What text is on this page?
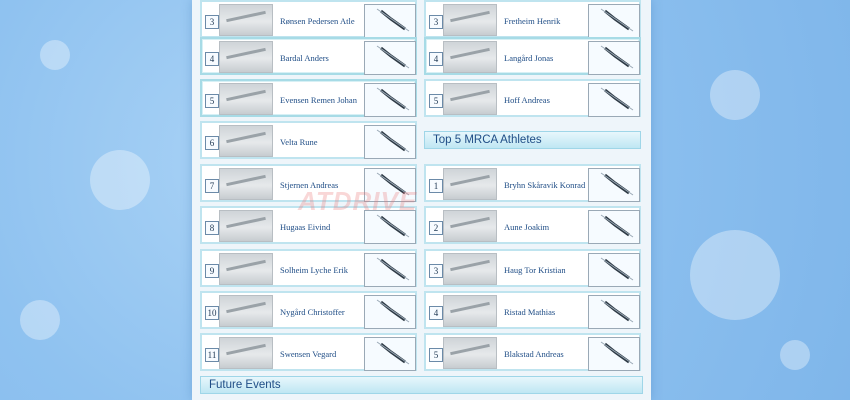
3	Rønsen Pedersen Atle
4	Bardal Anders
5	Evensen Remen Johan
6	Velta Rune
7	Stjernen Andreas
8	Hugaas Eivind
9	Solheim Lyche Erik
10	Nygård Christoffer
11	Swensen Vegard
Future Events
3	Fretheim Henrik
4	Langård Jonas
5	Hoff Andreas
Top 5 MRCA Athletes
1	Bryhn Skåravik Konrad
2	Aune Joakim
3	Haug Tor Kristian
4	Ristad Mathias
5	Blakstad Andreas
ATDRIVE
